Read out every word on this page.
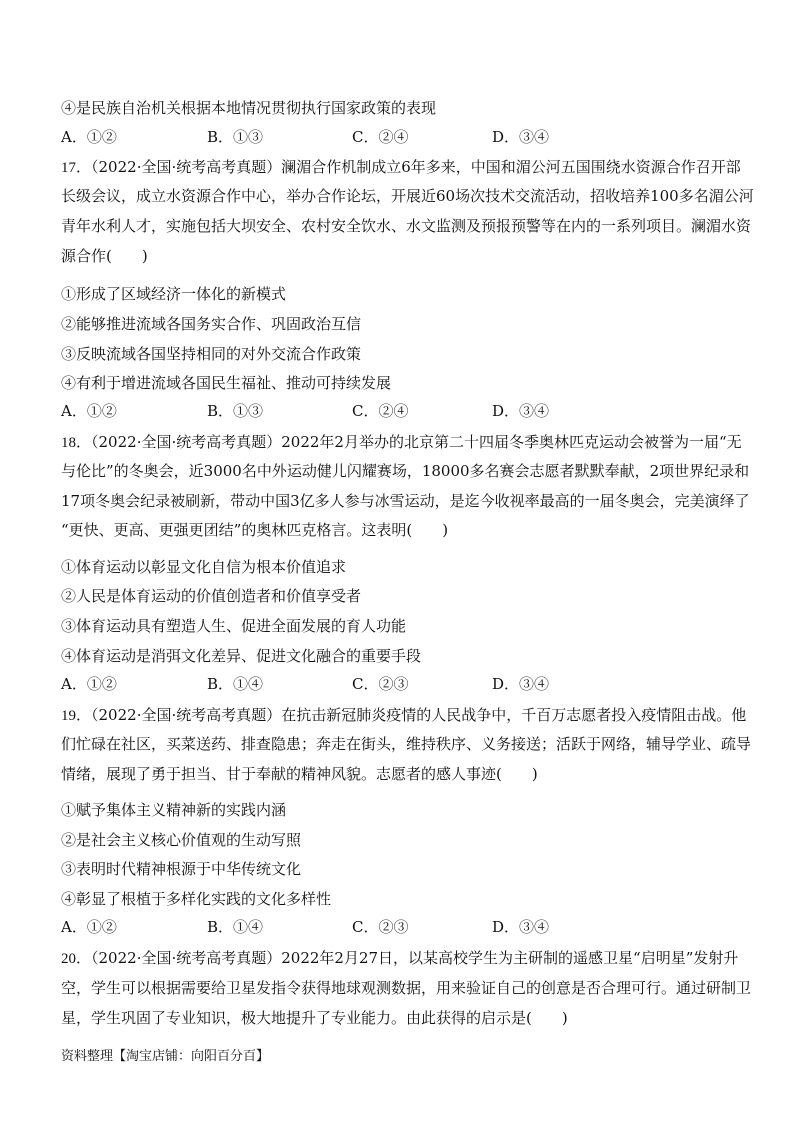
④是民族自治机关根据本地情况贯彻执行国家政策的表现
A．①②	B．①③	C．②④	D．③④
17．（2022·全国·统考高考真题）澜湄合作机制成立6年多来，中国和湄公河五国围绕水资源合作召开部
长级会议，成立水资源合作中心，举办合作论坛，开展近60场次技术交流活动，招收培养100多名湄公河
青年水利人才，实施包括大坝安全、农村安全饮水、水文监测及预报预警等在内的一系列项目。澜湄水资
源合作(　　)
①形成了区域经济一体化的新模式
②能够推进流域各国务实合作、巩固政治互信
③反映流域各国坚持相同的对外交流合作政策
④有利于增进流域各国民生福祉、推动可持续发展
A．①②	B．①③	C．②④	D．③④
18．（2022·全国·统考高考真题）2022年2月举办的北京第二十四届冬季奥林匹克运动会被誉为一届“无
与伦比”的冬奥会，近3000名中外运动健儿闪耀赛场，18000多名赛会志愿者默默奉献，2项世界纪录和
17项冬奥会纪录被刷新，带动中国3亿多人参与冰雪运动，是迄今收视率最高的一届冬奥会，完美演绎了
“更快、更高、更强更团结”的奥林匹克格言。这表明(　　)
①体育运动以彰显文化自信为根本价值追求
②人民是体育运动的价值创造者和价值享受者
③体育运动具有塑造人生、促进全面发展的育人功能
④体育运动是消弭文化差异、促进文化融合的重要手段
A．①②	B．①④	C．②③	D．③④
19．（2022·全国·统考高考真题）在抗击新冠肺炎疫情的人民战争中，千百万志愿者投入疫情阻击战。他
们忙碌在社区，买菜送药、排查隐患；奔走在街头，维持秩序、义务接送；活跃于网络，辅导学业、疏导
情绪，展现了勇于担当、甘于奉献的精神风貌。志愿者的感人事迹(　　)
①赋予集体主义精神新的实践内涵
②是社会主义核心价值观的生动写照
③表明时代精神根源于中华传统文化
④彰显了根植于多样化实践的文化多样性
A．①②	B．①④	C．②③	D．③④
20．（2022·全国·统考高考真题）2022年2月27日，以某高校学生为主研制的遥感卫星“启明星”发射升
空，学生可以根据需要给卫星发指令获得地球观测数据，用来验证自己的创意是否合理可行。通过研制卫
星，学生巩固了专业知识，极大地提升了专业能力。由此获得的启示是(　　)
资料整理【淘宝店铺：向阳百分百】
